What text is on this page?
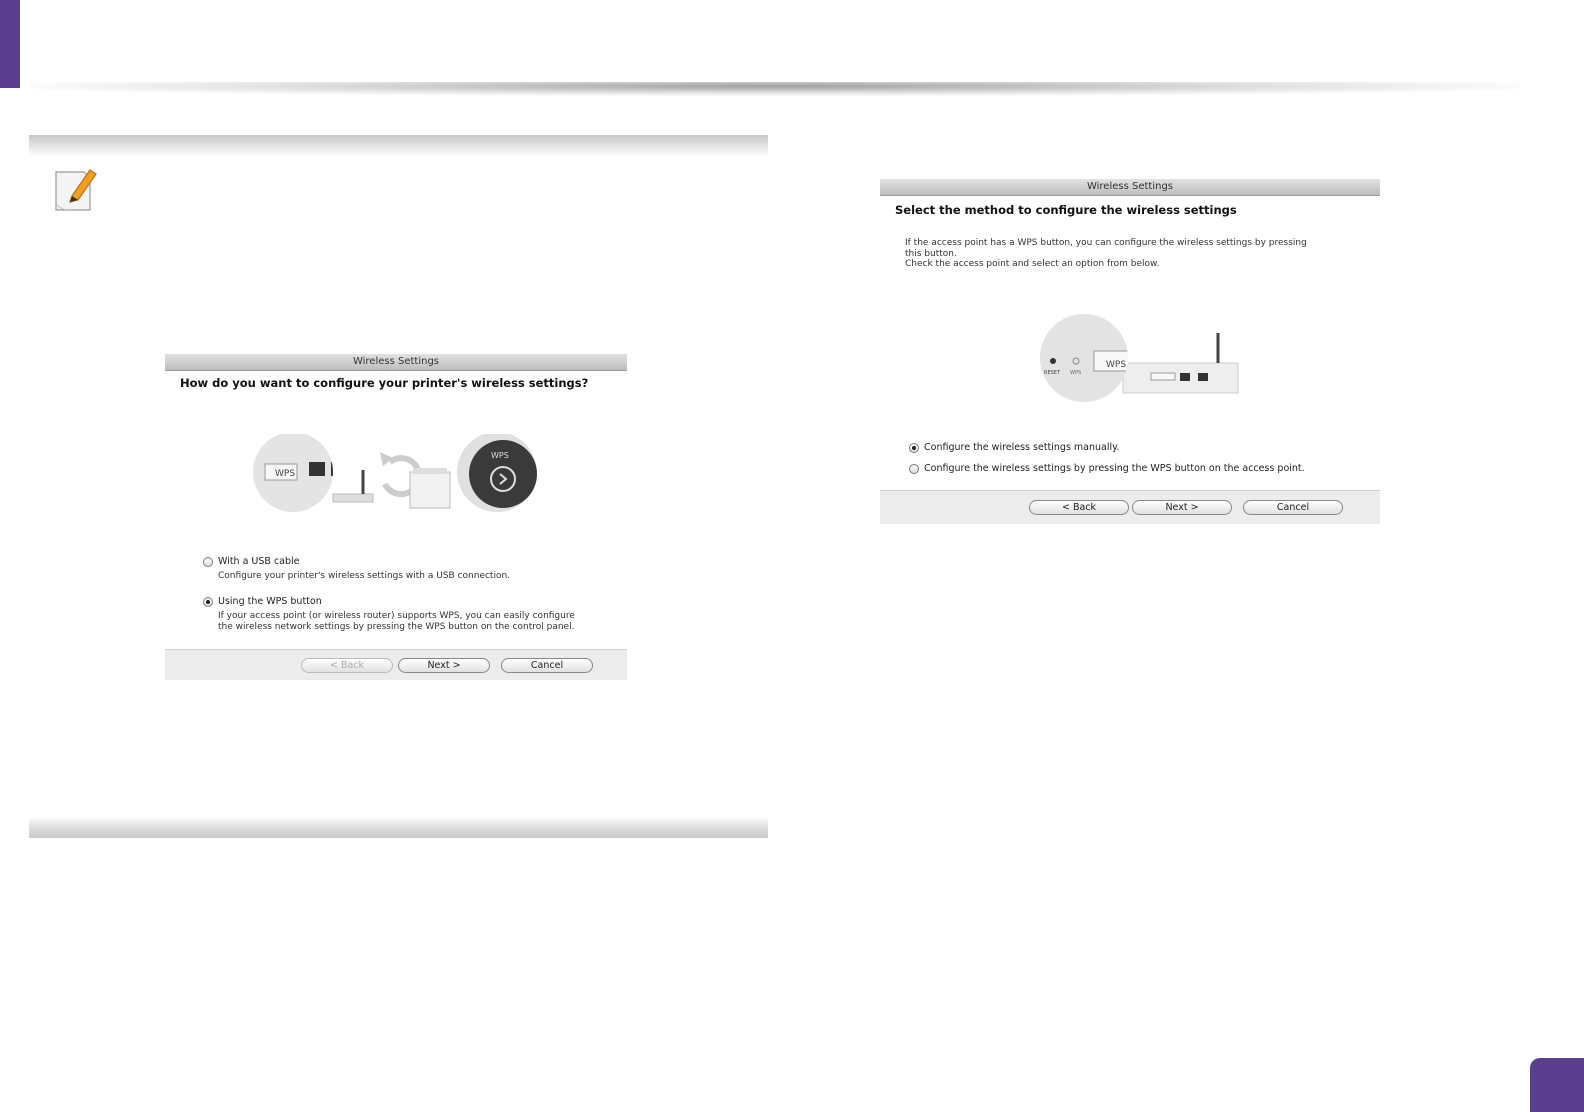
Wireless Settings
How do you want to configure your printer's wireless settings?
WPS
WPS
With a USB cable
Configure your printer's wireless settings with a USB connection.
Using the WPS button
If your access point (or wireless router) supports WPS, you can easily configure
the wireless network settings by pressing the WPS button on the control panel.
< Back	Next >	Cancel
Wireless Settings
Select the method to configure the wireless settings
If the access point has a WPS button, you can configure the wireless settings by pressing
this button.
Check the access point and select an option from below.
RESET WPS
WPS
Configure the wireless settings manually.
Configure the wireless settings by pressing the WPS button on the access point.
< Back	Next >	Cancel
